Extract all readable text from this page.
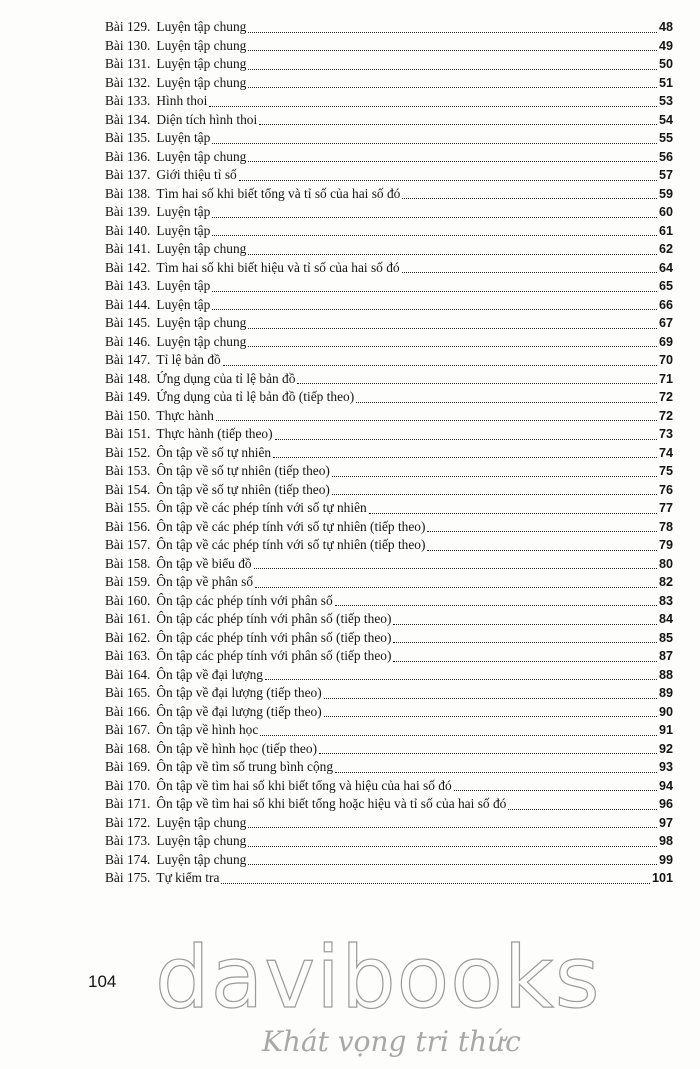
Bài 129. Luyện tập chung	48
Bài 130. Luyện tập chung	49
Bài 131. Luyện tập chung	50
Bài 132. Luyện tập chung	51
Bài 133. Hình thoi	53
Bài 134. Diện tích hình thoi	54
Bài 135. Luyện tập	55
Bài 136. Luyện tập chung	56
Bài 137. Giới thiệu tỉ số	57
Bài 138. Tìm hai số khi biết tổng và tỉ số của hai số đó	59
Bài 139. Luyện tập	60
Bài 140. Luyện tập	61
Bài 141. Luyện tập chung	62
Bài 142. Tìm hai số khi biết hiệu và tỉ số của hai số đó	64
Bài 143. Luyện tập	65
Bài 144. Luyện tập	66
Bài 145. Luyện tập chung	67
Bài 146. Luyện tập chung	69
Bài 147. Tỉ lệ bản đồ	70
Bài 148. Ứng dụng của tỉ lệ bản đồ	71
Bài 149. Ứng dụng của tỉ lệ bản đồ (tiếp theo)	72
Bài 150. Thực hành	72
Bài 151. Thực hành (tiếp theo)	73
Bài 152. Ôn tập về số tự nhiên	74
Bài 153. Ôn tập về số tự nhiên (tiếp theo)	75
Bài 154. Ôn tập về số tự nhiên (tiếp theo)	76
Bài 155. Ôn tập về các phép tính với số tự nhiên	77
Bài 156. Ôn tập về các phép tính với số tự nhiên (tiếp theo)	78
Bài 157. Ôn tập về các phép tính với số tự nhiên (tiếp theo)	79
Bài 158. Ôn tập về biểu đồ	80
Bài 159. Ôn tập về phân số	82
Bài 160. Ôn tập các phép tính với phân số	83
Bài 161. Ôn tập các phép tính với phân số (tiếp theo)	84
Bài 162. Ôn tập các phép tính với phân số (tiếp theo)	85
Bài 163. Ôn tập các phép tính với phân số (tiếp theo)	87
Bài 164. Ôn tập về đại lượng	88
Bài 165. Ôn tập về đại lượng (tiếp theo)	89
Bài 166. Ôn tập về đại lượng (tiếp theo)	90
Bài 167. Ôn tập về hình học	91
Bài 168. Ôn tập về hình học (tiếp theo)	92
Bài 169. Ôn tập về tìm số trung bình cộng	93
Bài 170. Ôn tập về tìm hai số khi biết tổng và hiệu của hai số đó	94
Bài 171. Ôn tập về tìm hai số khi biết tổng hoặc hiệu và tỉ số của hai số đó	96
Bài 172. Luyện tập chung	97
Bài 173. Luyện tập chung	98
Bài 174. Luyện tập chung	99
Bài 175. Tự kiểm tra	101
104 davibooks
Khát vọng tri thức
